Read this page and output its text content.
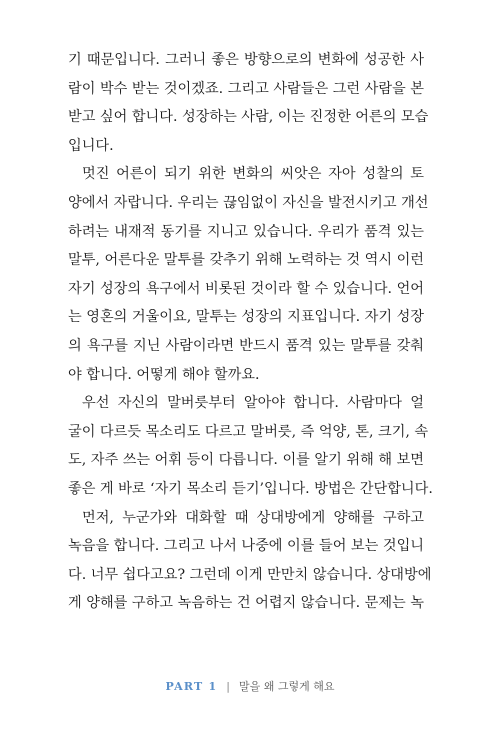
기 때문입니다. 그러니 좋은 방향으로의 변화에 성공한 사
람이 박수 받는 것이겠죠. 그리고 사람들은 그런 사람을 본
받고 싶어 합니다. 성장하는 사람, 이는 진정한 어른의 모습
입니다.
멋진 어른이 되기 위한 변화의 씨앗은 자아 성찰의 토
양에서 자랍니다. 우리는 끊임없이 자신을 발전시키고 개선
하려는 내재적 동기를 지니고 있습니다. 우리가 품격 있는
말투, 어른다운 말투를 갖추기 위해 노력하는 것 역시 이런
자기 성장의 욕구에서 비롯된 것이라 할 수 있습니다. 언어
는 영혼의 거울이요, 말투는 성장의 지표입니다. 자기 성장
의 욕구를 지닌 사람이라면 반드시 품격 있는 말투를 갖춰
야 합니다. 어떻게 해야 할까요.
우선 자신의 말버릇부터 알아야 합니다. 사람마다 얼
굴이 다르듯 목소리도 다르고 말버릇, 즉 억양, 톤, 크기, 속
도, 자주 쓰는 어휘 등이 다릅니다. 이를 알기 위해 해 보면
좋은 게 바로 ‘자기 목소리 듣기’입니다. 방법은 간단합니다.
먼저, 누군가와 대화할 때 상대방에게 양해를 구하고
녹음을 합니다. 그리고 나서 나중에 이를 들어 보는 것입니
다. 너무 쉽다고요? 그런데 이게 만만치 않습니다. 상대방에
게 양해를 구하고 녹음하는 건 어렵지 않습니다. 문제는 녹
PART 1 | 말을 왜 그렇게 해요
